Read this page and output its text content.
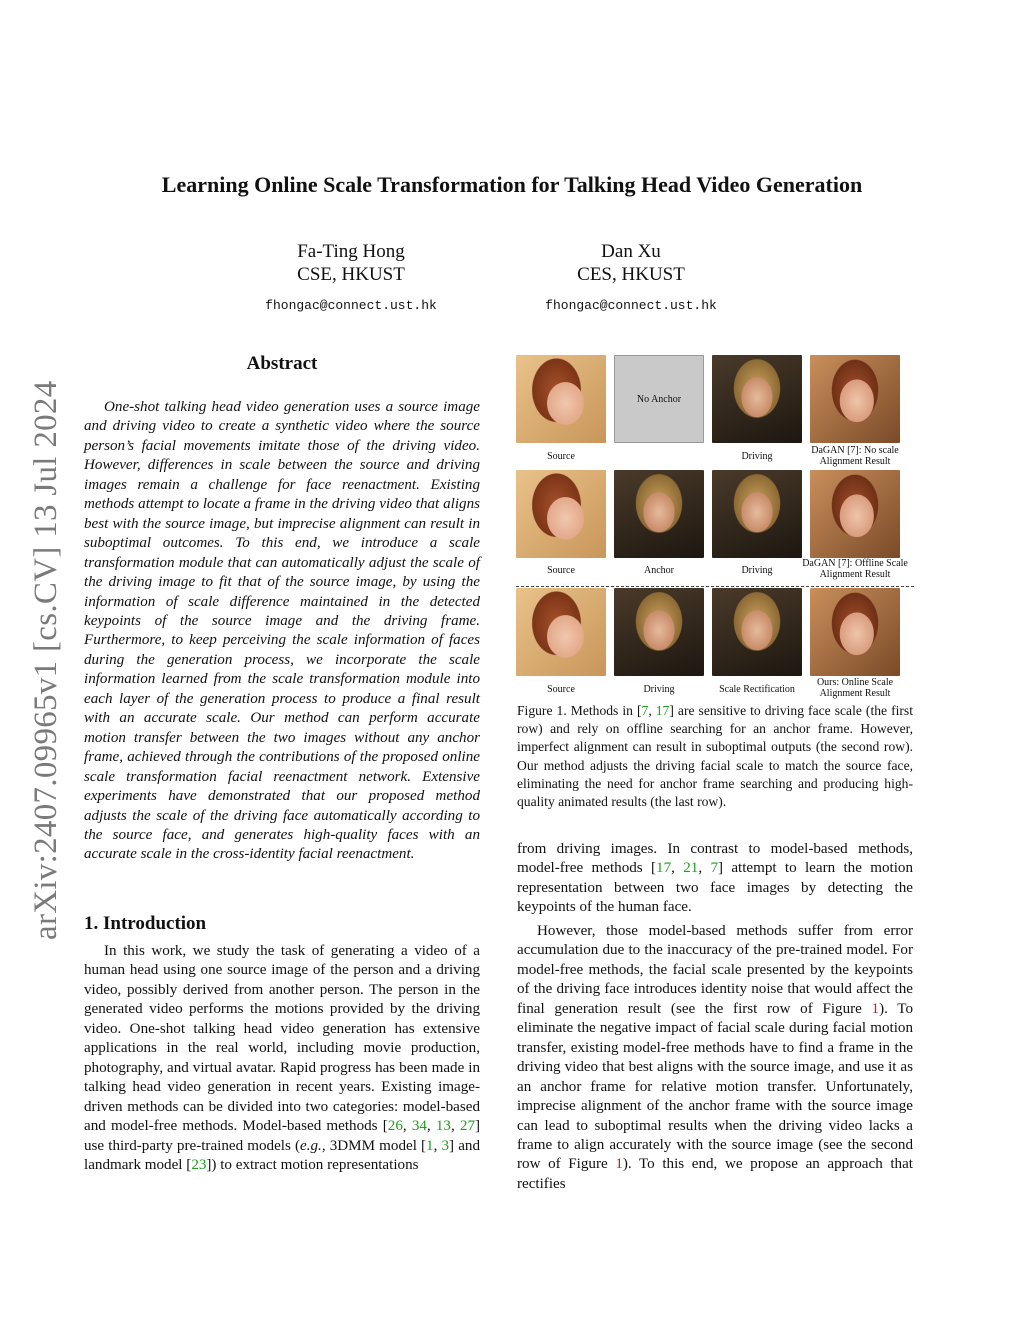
arXiv:2407.09965v1 [cs.CV] 13 Jul 2024
Learning Online Scale Transformation for Talking Head Video Generation
Fa-Ting Hong
CSE, HKUST
fhongac@connect.ust.hk
Dan Xu
CES, HKUST
fhongac@connect.ust.hk
Abstract

One-shot talking head video generation uses a source image and driving video to create a synthetic video where the source person’s facial movements imitate those of the driving video. However, differences in scale between the source and driving images remain a challenge for face reenactment. Existing methods attempt to locate a frame in the driving video that aligns best with the source image, but imprecise alignment can result in suboptimal outcomes. To this end, we introduce a scale transformation module that can automatically adjust the scale of the driving image to fit that of the source image, by using the information of scale difference maintained in the detected keypoints of the source image and the driving frame. Furthermore, to keep perceiving the scale information of faces during the generation process, we incorporate the scale information learned from the scale transformation module into each layer of the generation process to produce a final result with an accurate scale. Our method can perform accurate motion transfer between the two images without any anchor frame, achieved through the contributions of the proposed online scale transformation facial reenactment network. Extensive experiments have demonstrated that our proposed method adjusts the scale of the driving face automatically according to the source face, and generates high-quality faces with an accurate scale in the cross-identity facial reenactment.

1. Introduction

In this work, we study the task of generating a video of a human head using one source image of the person and a driving video, possibly derived from another person. The person in the generated video performs the motions provided by the driving video. One-shot talking head video generation has extensive applications in the real world, including movie production, photography, and virtual avatar. Rapid progress has been made in talking head video generation in recent years. Existing image-driven methods can be divided into two categories: model-based and model-free methods. Model-based methods [26, 34, 13, 27] use third-party pre-trained models (e.g., 3DMM model [1, 3] and landmark model [23]) to extract motion representations

No Anchor
Source	Driving
DaGAN [7]: No scale Alignment Result
Source	Anchor	Driving
DaGAN [7]: Offline Scale Alignment Result
Source	Driving	Scale Rectification
Ours: Online Scale Alignment Result

Figure 1. Methods in [7, 17] are sensitive to driving face scale (the first row) and rely on offline searching for an anchor frame. However, imperfect alignment can result in suboptimal outputs (the second row). Our method adjusts the driving facial scale to match the source face, eliminating the need for anchor frame searching and producing high-quality animated results (the last row).

from driving images. In contrast to model-based methods, model-free methods [17, 21, 7] attempt to learn the motion representation between two face images by detecting the keypoints of the human face.

However, those model-based methods suffer from error accumulation due to the inaccuracy of the pre-trained model. For model-free methods, the facial scale presented by the keypoints of the driving face introduces identity noise that would affect the final generation result (see the first row of Figure 1). To eliminate the negative impact of facial scale during facial motion transfer, existing model-free methods have to find a frame in the driving video that best aligns with the source image, and use it as an anchor frame for relative motion transfer. Unfortunately, imprecise alignment of the anchor frame with the source image can lead to suboptimal results when the driving video lacks a frame to align accurately with the source image (see the second row of Figure 1). To this end, we propose an approach that rectifies
